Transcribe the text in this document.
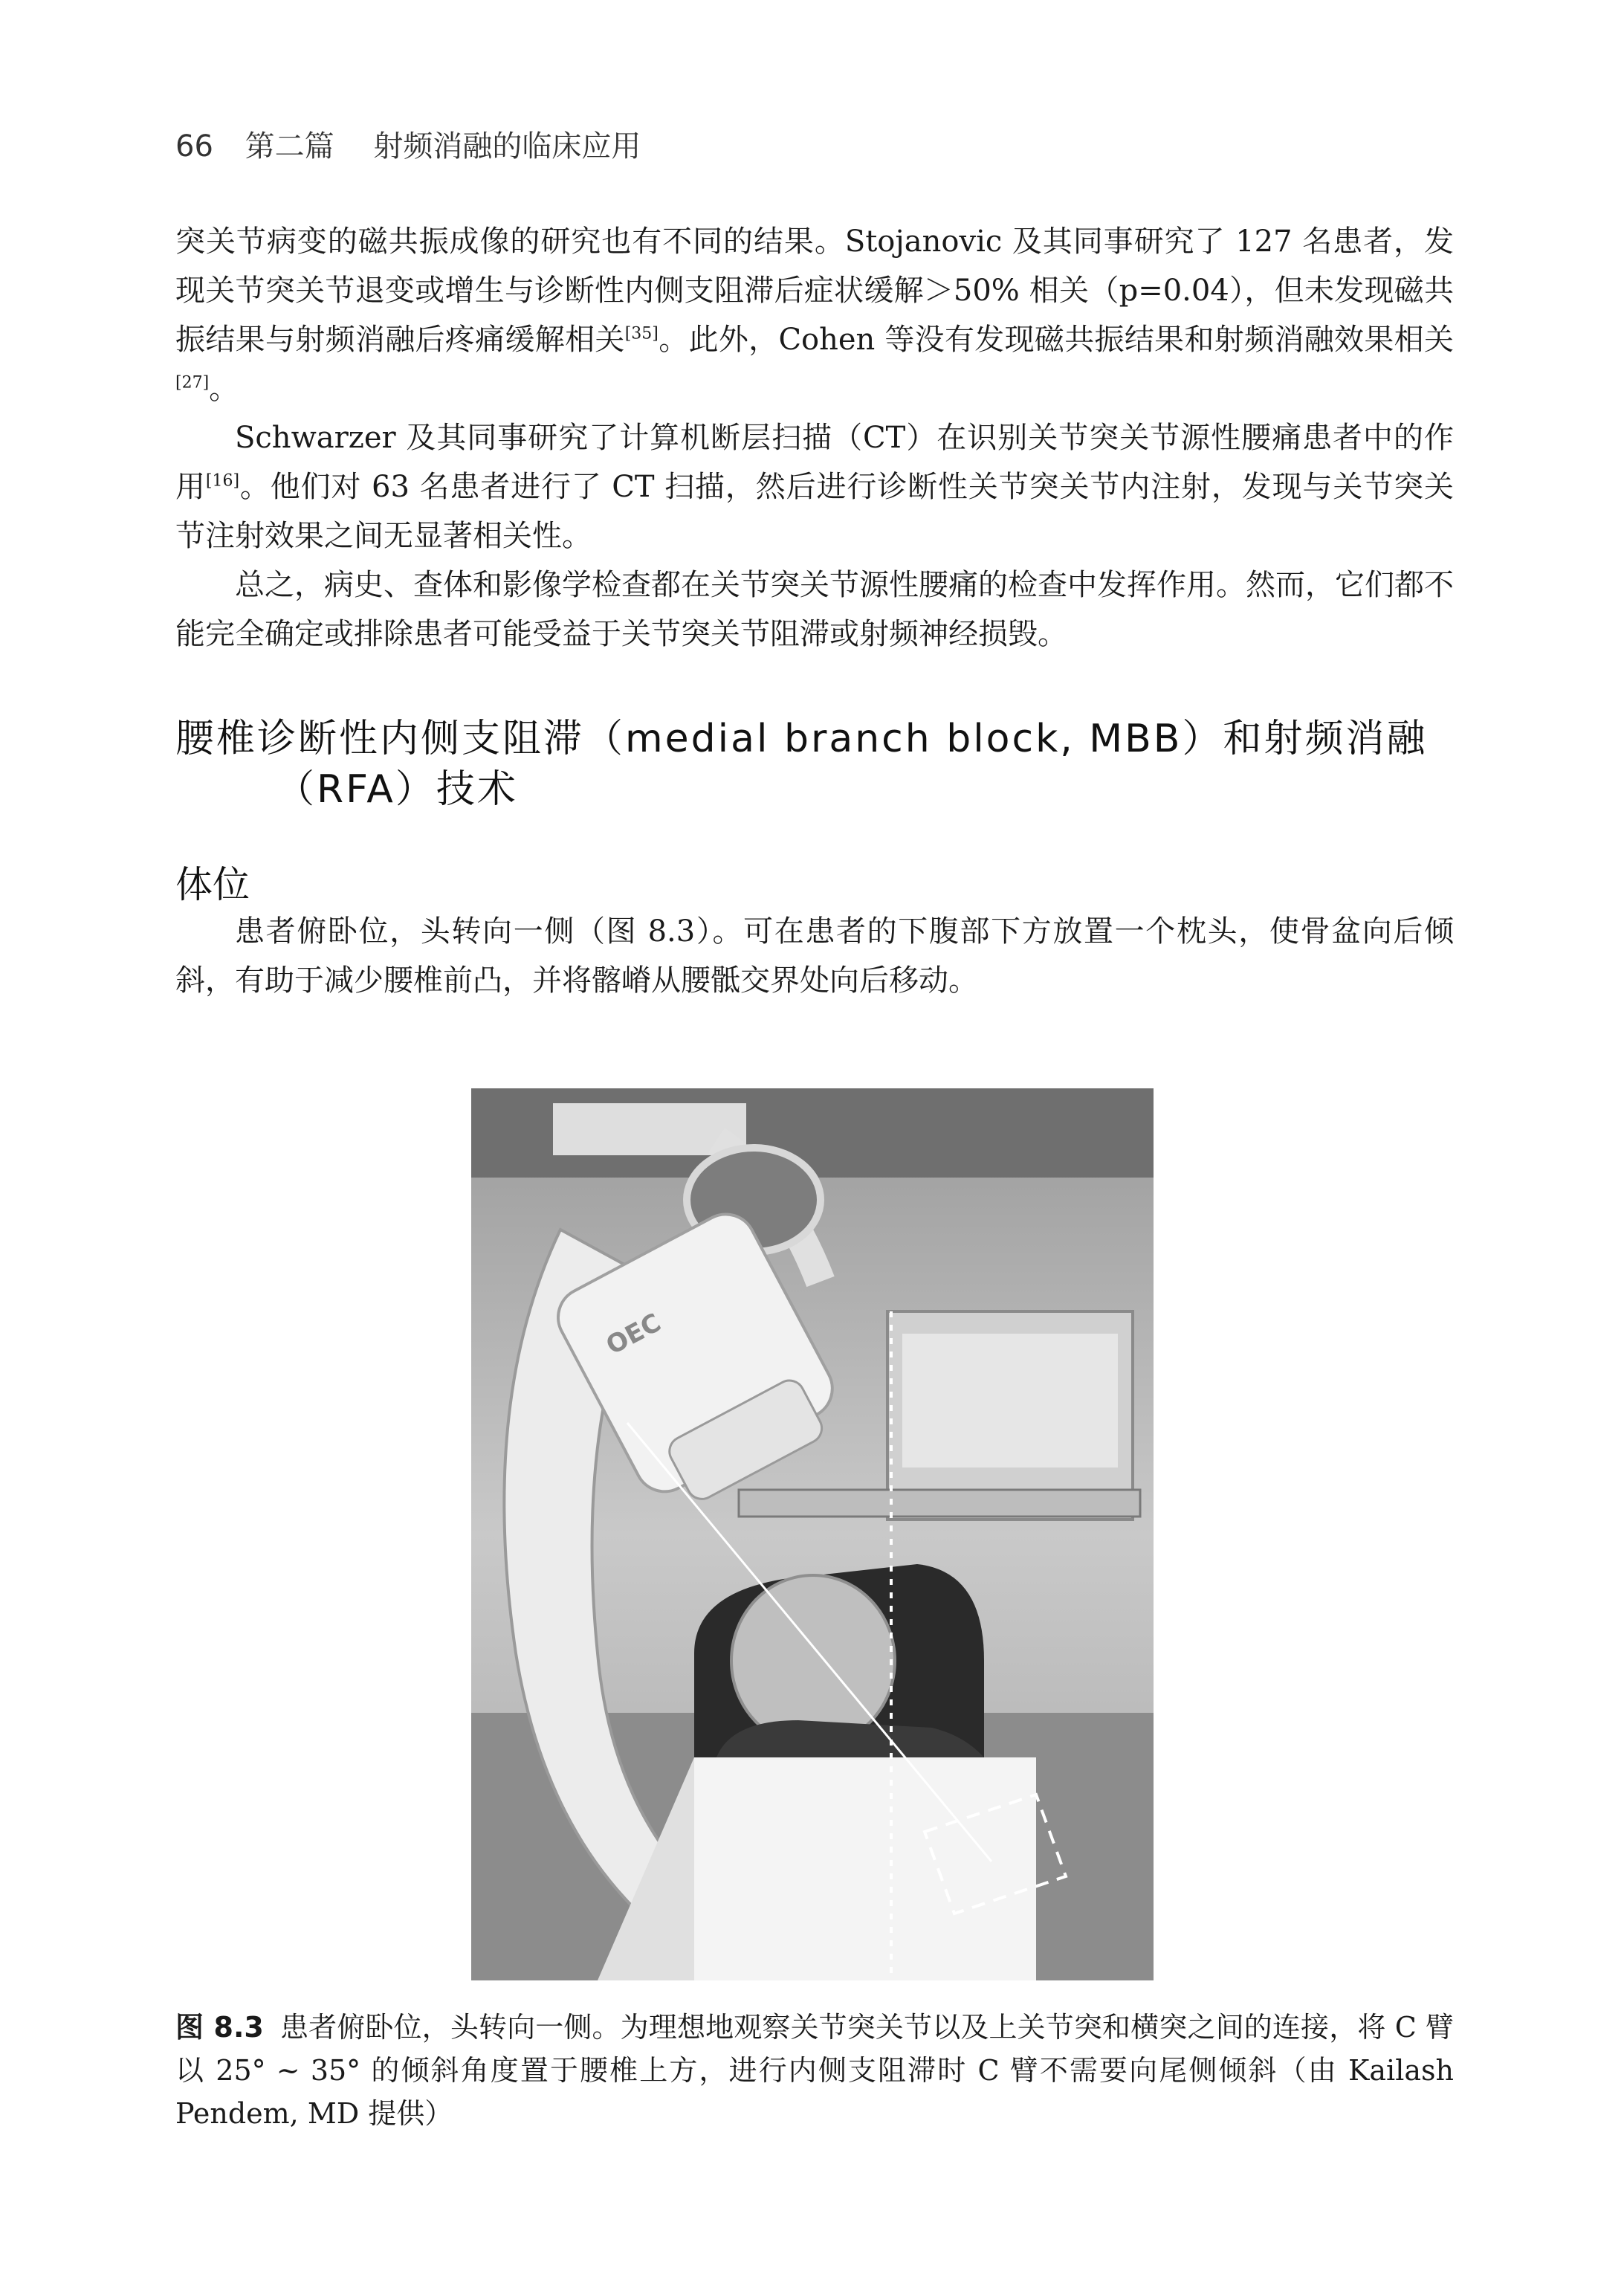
66 第二篇 射频消融的临床应用

突关节病变的磁共振成像的研究也有不同的结果。Stojanovic 及其同事研究了 127 名患者，发现关节突关节退变或增生与诊断性内侧支阻滞后症状缓解＞50% 相关（p=0.04），但未发现磁共振结果与射频消融后疼痛缓解相关[35]。此外，Cohen 等没有发现磁共振结果和射频消融效果相关[27]。

Schwarzer 及其同事研究了计算机断层扫描（CT）在识别关节突关节源性腰痛患者中的作用[16]。他们对 63 名患者进行了 CT 扫描，然后进行诊断性关节突关节内注射，发现与关节突关节注射效果之间无显著相关性。

总之，病史、查体和影像学检查都在关节突关节源性腰痛的检查中发挥作用。然而，它们都不能完全确定或排除患者可能受益于关节突关节阻滞或射频神经损毁。

腰椎诊断性内侧支阻滞（medial branch block, MBB）和射频消融
（RFA）技术
体位

患者俯卧位，头转向一侧（图 8.3）。可在患者的下腹部下方放置一个枕头，使骨盆向后倾斜，有助于减少腰椎前凸，并将髂嵴从腰骶交界处向后移动。

OEC
图 8.3 患者俯卧位，头转向一侧。为理想地观察关节突关节以及上关节突和横突之间的连接，将 C 臂以 25° ~ 35° 的倾斜角度置于腰椎上方，进行内侧支阻滞时 C 臂不需要向尾侧倾斜（由 Kailash Pendem, MD 提供）
